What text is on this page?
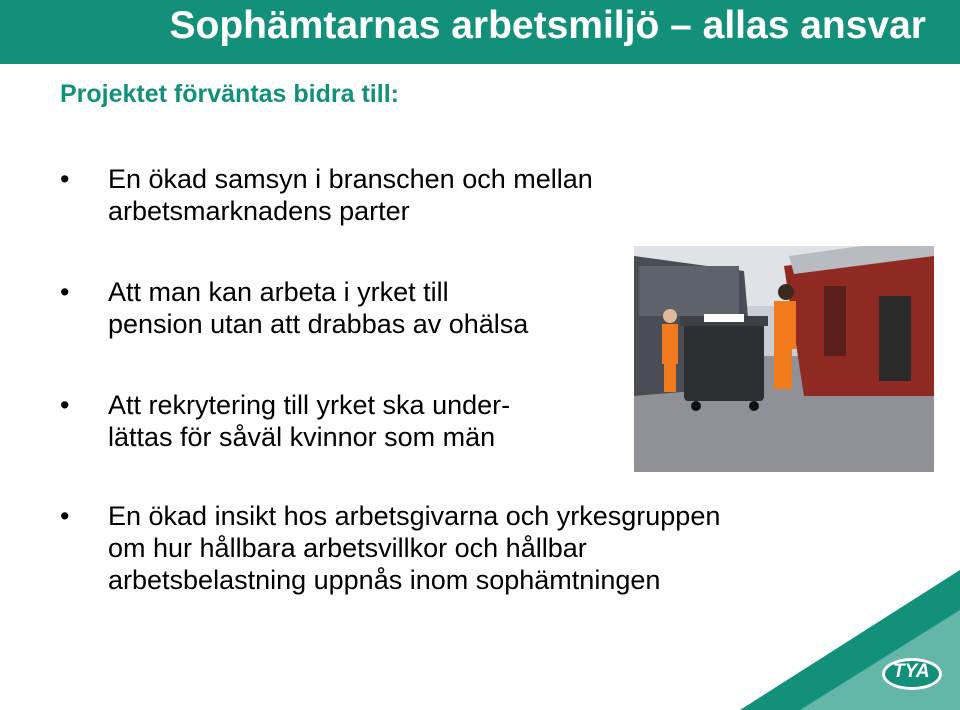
Sophämtarnas arbetsmiljö – allas ansvar
Projektet förväntas bidra till:
•	En ökad samsyn i branschen och mellan
arbetsmarknadens parter
•	Att man kan arbeta i yrket till
pension utan att drabbas av ohälsa
•	Att rekrytering till yrket ska under-
lättas för såväl kvinnor som män
•	En ökad insikt hos arbetsgivarna och yrkesgruppen
om hur hållbara arbetsvillkor och hållbar
arbetsbelastning uppnås inom sophämtningen
TYA
